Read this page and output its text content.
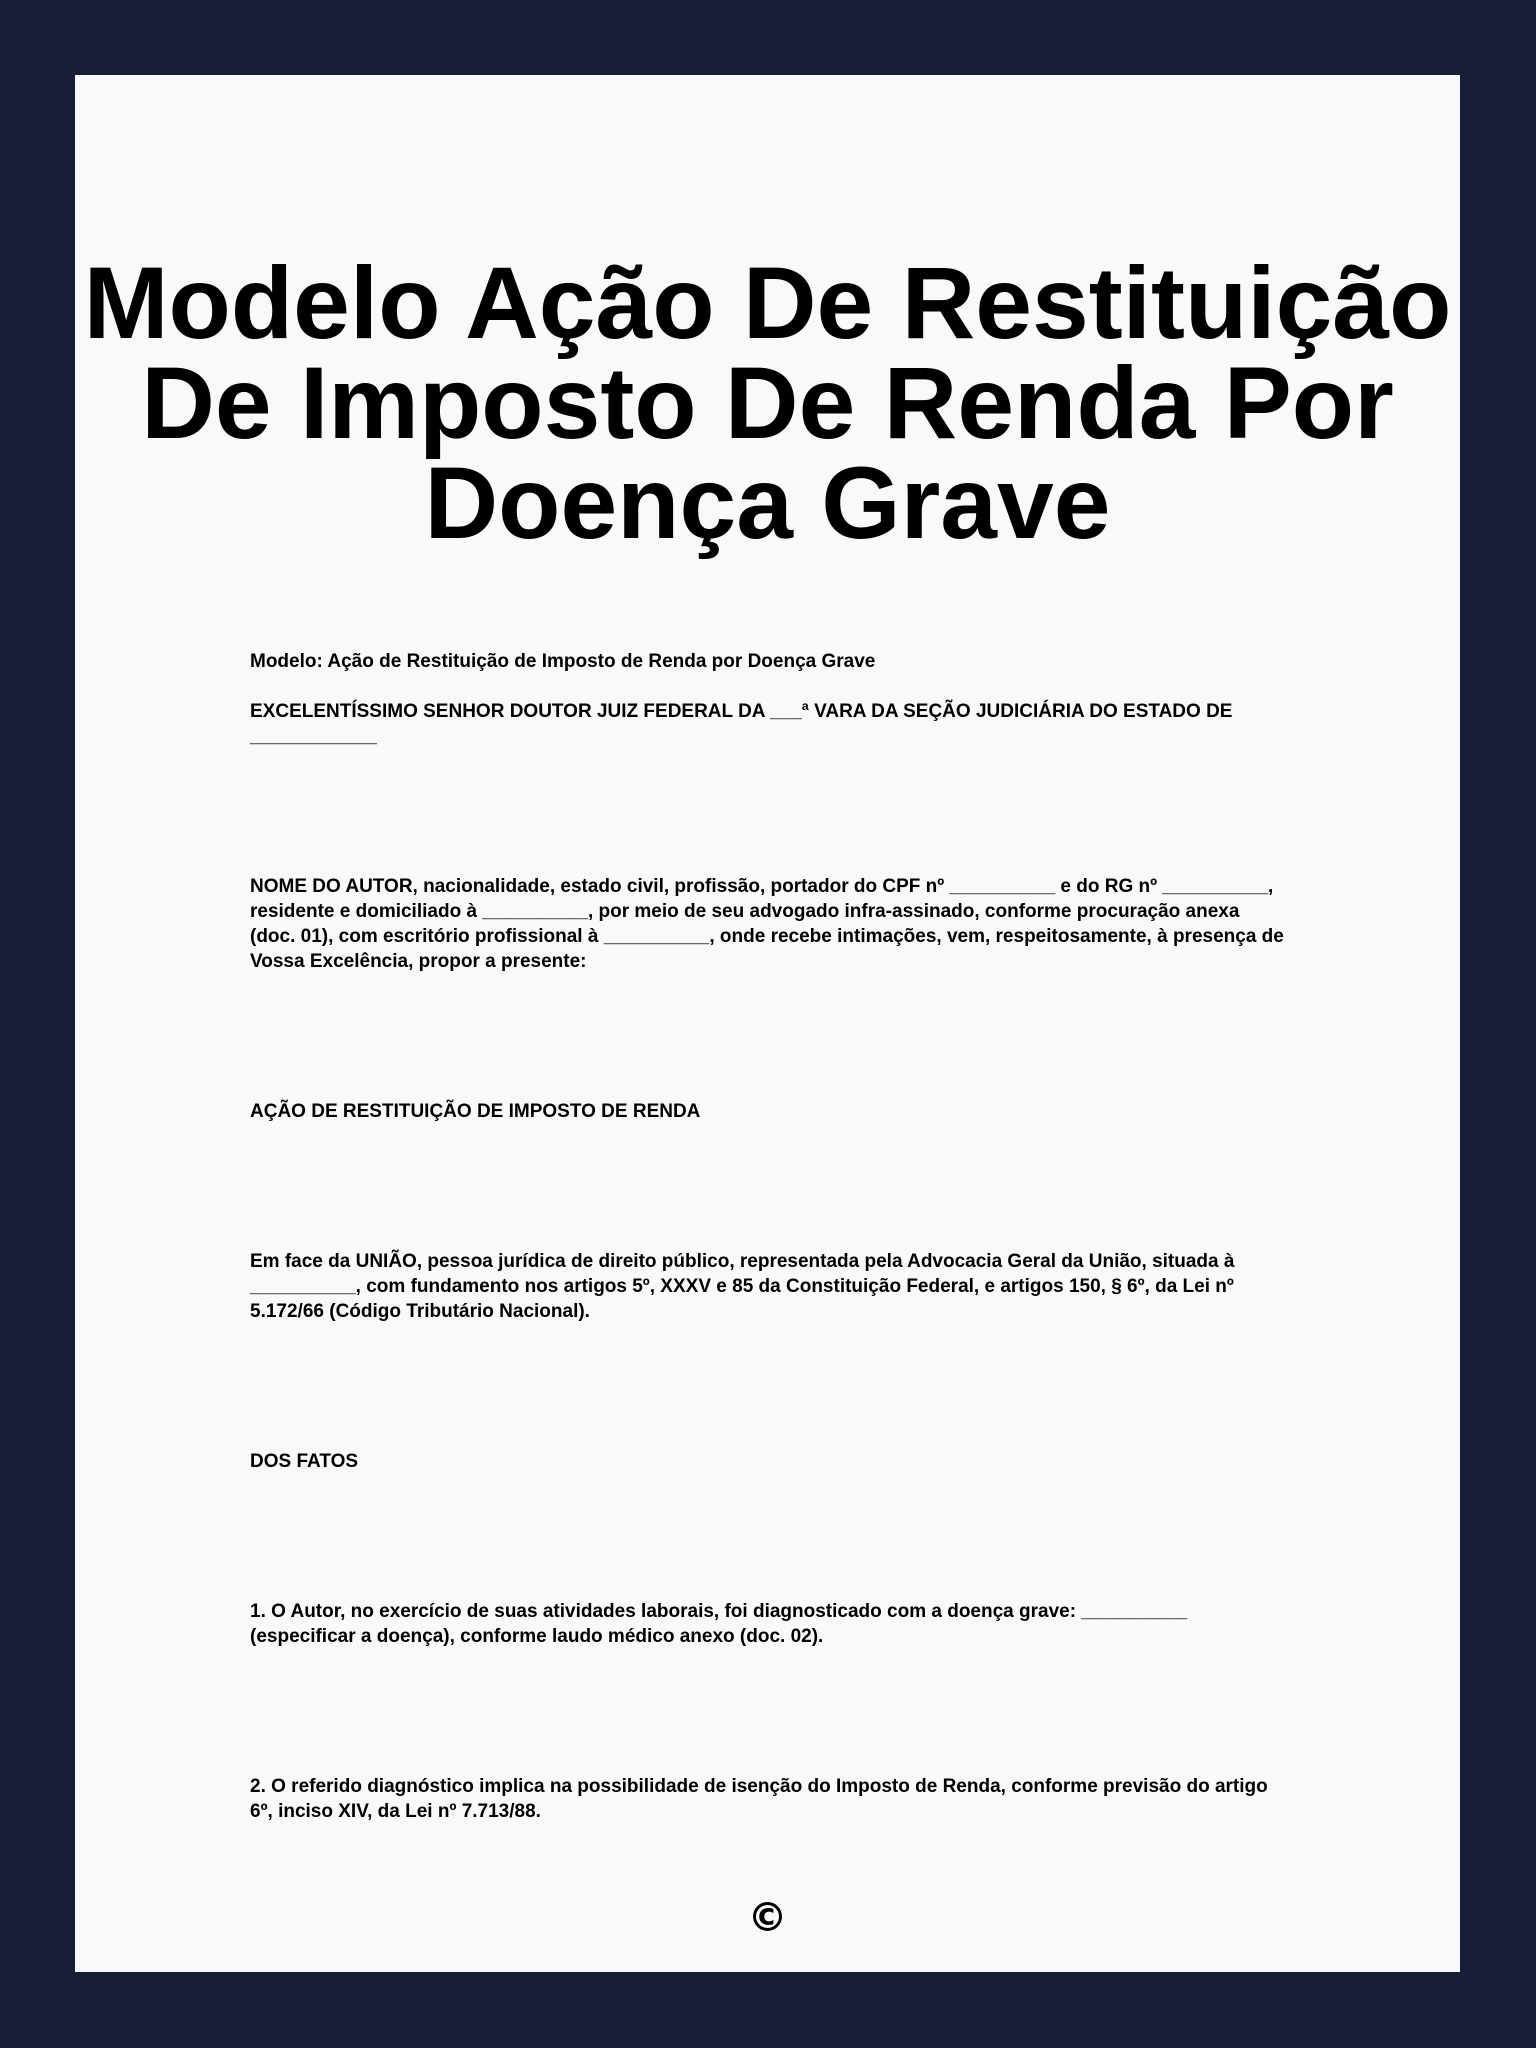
Modelo Ação De Restituição
De Imposto De Renda Por
Doença Grave

Modelo: Ação de Restituição de Imposto de Renda por Doença Grave

EXCELENTÍSSIMO SENHOR DOUTOR JUIZ FEDERAL DA ___ª VARA DA SEÇÃO JUDICIÁRIA DO ESTADO DE ____________

NOME DO AUTOR, nacionalidade, estado civil, profissão, portador do CPF nº __________ e do RG nº __________, residente e domiciliado à __________, por meio de seu advogado infra-assinado, conforme procuração anexa (doc. 01), com escritório profissional à __________, onde recebe intimações, vem, respeitosamente, à presença de Vossa Excelência, propor a presente:

AÇÃO DE RESTITUIÇÃO DE IMPOSTO DE RENDA

Em face da UNIÃO, pessoa jurídica de direito público, representada pela Advocacia Geral da União, situada à __________, com fundamento nos artigos 5º, XXXV e 85 da Constituição Federal, e artigos 150, § 6º, da Lei nº 5.172/66 (Código Tributário Nacional).

DOS FATOS

1. O Autor, no exercício de suas atividades laborais, foi diagnosticado com a doença grave: __________ (especificar a doença), conforme laudo médico anexo (doc. 02).

2. O referido diagnóstico implica na possibilidade de isenção do Imposto de Renda, conforme previsão do artigo 6º, inciso XIV, da Lei nº 7.713/88.

©
